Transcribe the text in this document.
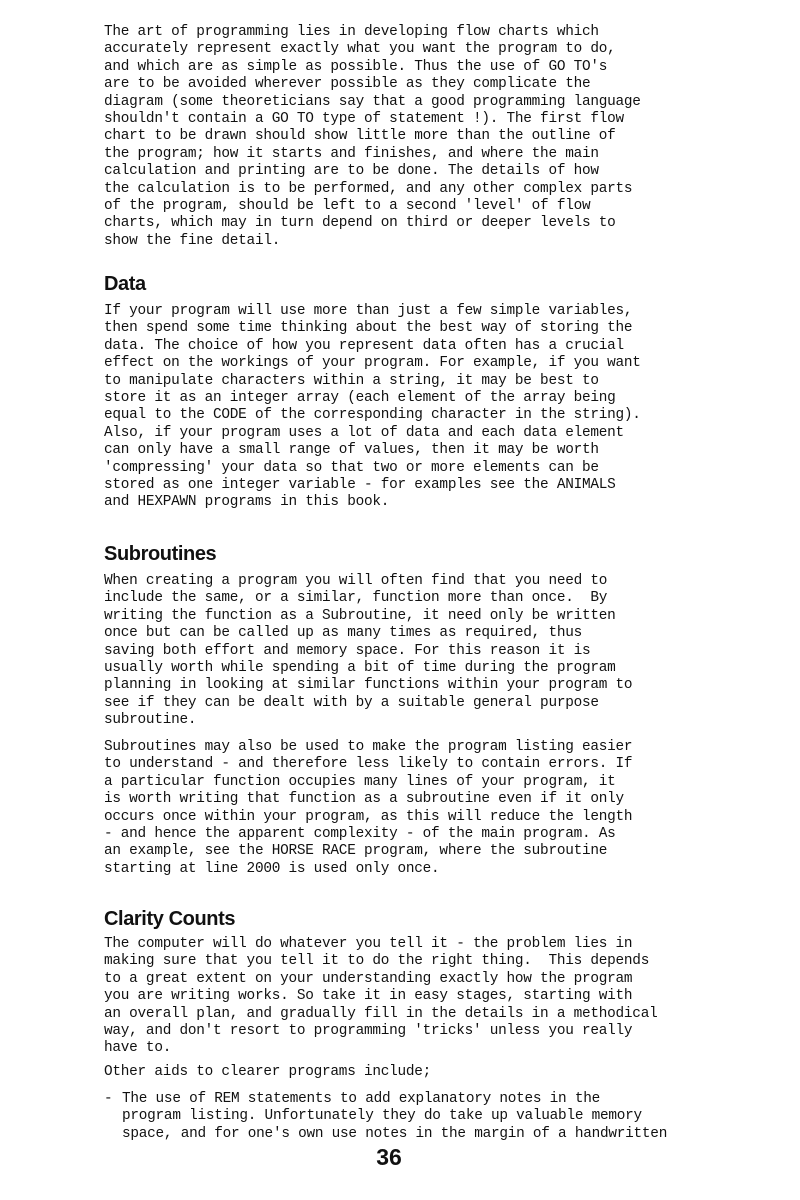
The art of programming lies in developing flow charts which
accurately represent exactly what you want the program to do,
and which are as simple as possible. Thus the use of GO TO's
are to be avoided wherever possible as they complicate the
diagram (some theoreticians say that a good programming language
shouldn't contain a GO TO type of statement !). The first flow
chart to be drawn should show little more than the outline of
the program; how it starts and finishes, and where the main
calculation and printing are to be done. The details of how
the calculation is to be performed, and any other complex parts
of the program, should be left to a second 'level' of flow
charts, which may in turn depend on third or deeper levels to
show the fine detail.

Data

If your program will use more than just a few simple variables,
then spend some time thinking about the best way of storing the
data. The choice of how you represent data often has a crucial
effect on the workings of your program. For example, if you want
to manipulate characters within a string, it may be best to
store it as an integer array (each element of the array being
equal to the CODE of the corresponding character in the string).
Also, if your program uses a lot of data and each data element
can only have a small range of values, then it may be worth
'compressing' your data so that two or more elements can be
stored as one integer variable - for examples see the ANIMALS
and HEXPAWN programs in this book.

Subroutines

When creating a program you will often find that you need to
include the same, or a similar, function more than once.  By
writing the function as a Subroutine, it need only be written
once but can be called up as many times as required, thus
saving both effort and memory space. For this reason it is
usually worth while spending a bit of time during the program
planning in looking at similar functions within your program to
see if they can be dealt with by a suitable general purpose
subroutine.

Subroutines may also be used to make the program listing easier
to understand - and therefore less likely to contain errors. If
a particular function occupies many lines of your program, it
is worth writing that function as a subroutine even if it only
occurs once within your program, as this will reduce the length
- and hence the apparent complexity - of the main program. As
an example, see the HORSE RACE program, where the subroutine
starting at line 2000 is used only once.

Clarity Counts

The computer will do whatever you tell it - the problem lies in
making sure that you tell it to do the right thing.  This depends
to a great extent on your understanding exactly how the program
you are writing works. So take it in easy stages, starting with
an overall plan, and gradually fill in the details in a methodical
way, and don't resort to programming 'tricks' unless you really
have to.

Other aids to clearer programs include;

- The use of REM statements to add explanatory notes in the
program listing. Unfortunately they do take up valuable memory
space, and for one's own use notes in the margin of a handwritten

36
